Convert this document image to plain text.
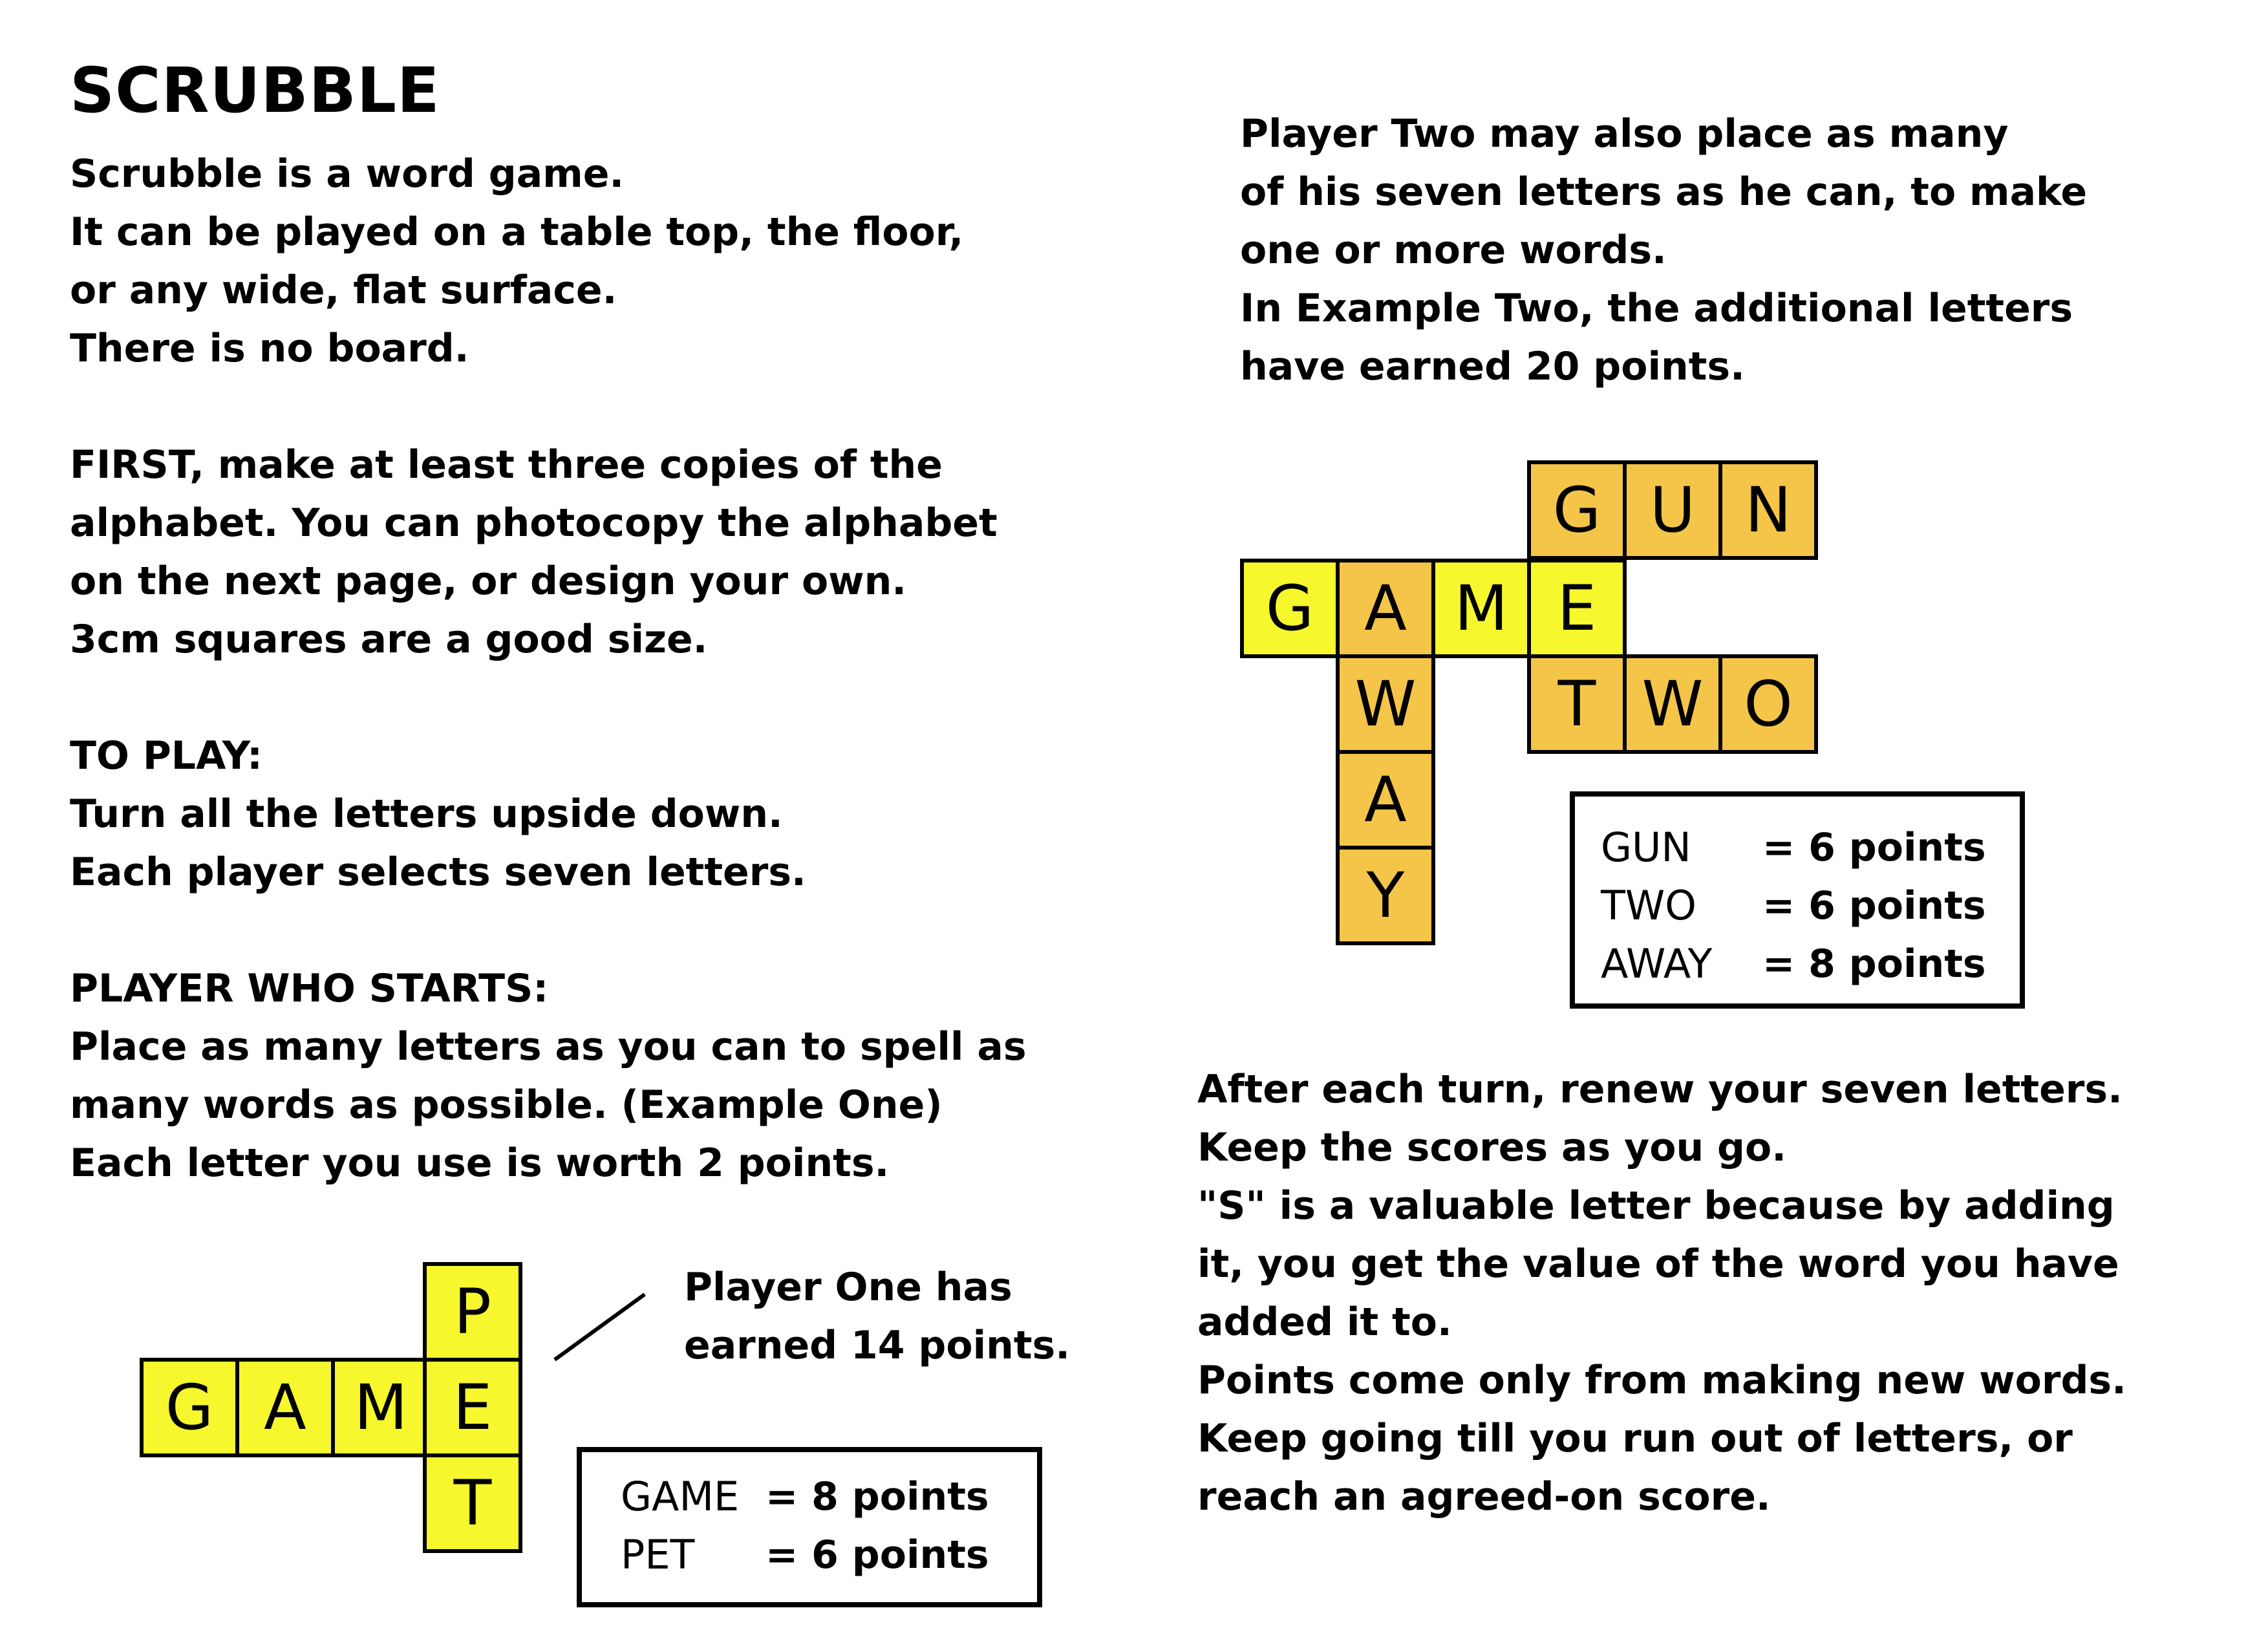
SCRUBBLE
Scrubble is a word game.
It can be played on a table top, the floor,
or any wide, flat surface.
There is no board.
FIRST, make at least three copies of the
alphabet. You can photocopy the alphabet
on the next page, or design your own.
3cm squares are a good size.
TO PLAY:
Turn all the letters upside down.
Each player selects seven letters.
PLAYER WHO STARTS:
Place as many letters as you can to spell as
many words as possible. (Example One)
Each letter you use is worth 2 points.
G A M E
P
T
Player One has
earned 14 points.
GAME = 8 points
PET = 6 points
Player Two may also place as many
of his seven letters as he can, to make
one or more words.
In Example Two, the additional letters
have earned 20 points.
G U N
G A M E
W	T W O
A
Y
GUN = 6 points
TWO = 6 points
AWAY = 8 points
After each turn, renew your seven letters.
Keep the scores as you go.
"S" is a valuable letter because by adding
it, you get the value of the word you have
added it to.
Points come only from making new words.
Keep going till you run out of letters, or
reach an agreed-on score.
